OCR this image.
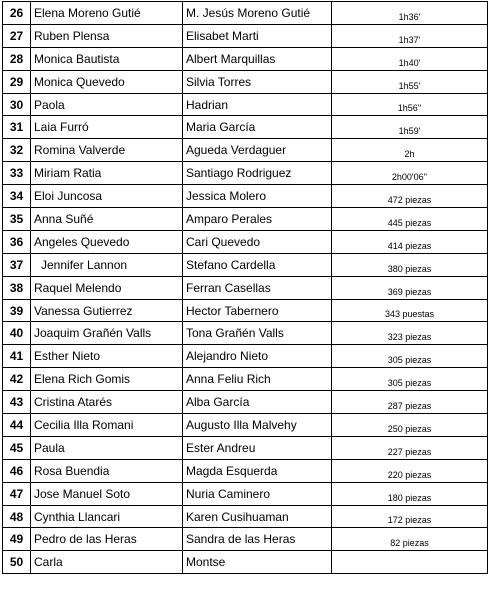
26	Elena Moreno Gutié	M. Jesús Moreno Gutié	1h36'
27	Ruben Plensa	Elisabet Marti	1h37'
28	Monica Bautista	Albert Marquillas	1h40'
29	Monica Quevedo	Silvia Torres	1h55'
30	Paola	Hadrian	1h56''
31	Laia Furró	Maria García	1h59'
32	Romina Valverde	Agueda Verdaguer	2h
33	Miriam Ratia	Santiago Rodriguez	2h00'06''
34	Eloi Juncosa	Jessica Molero	472 piezas
35	Anna Suñé	Amparo Perales	445 piezas
36	Angeles Quevedo	Cari Quevedo	414 piezas
37	Jennifer Lannon	Stefano Cardella	380 piezas
38	Raquel Melendo	Ferran Casellas	369 piezas
39	Vanessa Gutierrez	Hector Tabernero	343 puestas
40	Joaquim Grañén Valls	Tona Grañén Valls	323 piezas
41	Esther Nieto	Alejandro Nieto	305 piezas
42	Elena Rich Gomis	Anna Feliu Rich	305 piezas
43	Cristina Atarés	Alba García	287 piezas
44	Cecilia Illa Romani	Augusto Illa Malvehy	250 piezas
45	Paula	Ester Andreu	227 piezas
46	Rosa Buendia	Magda Esquerda	220 piezas
47	Jose Manuel Soto	Nuria Caminero	180 piezas
48	Cynthia Llancari	Karen Cusihuaman	172 piezas
49	Pedro de las Heras	Sandra de las Heras	82 piezas
50	Carla	Montse	
